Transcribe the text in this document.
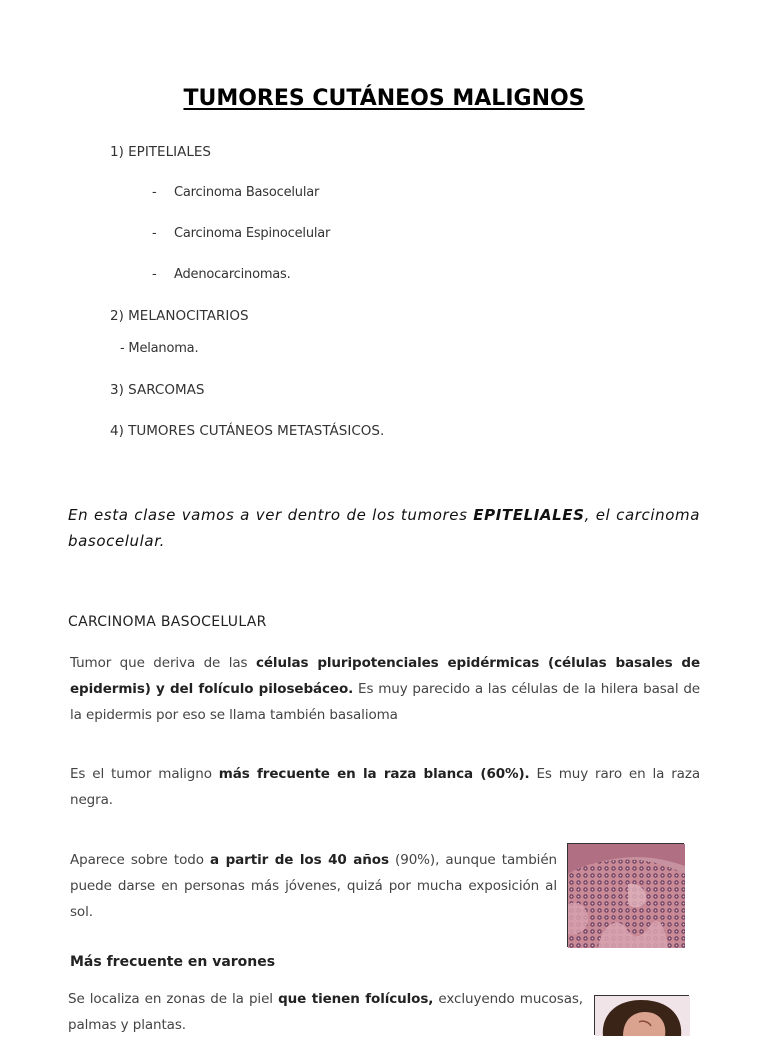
TUMORES CUTÁNEOS MALIGNOS
1) EPITELIALES
- Carcinoma Basocelular
- Carcinoma Espinocelular
- Adenocarcinomas.
2) MELANOCITARIOS
- Melanoma.
3) SARCOMAS
4) TUMORES CUTÁNEOS METASTÁSICOS.
En esta clase vamos a ver dentro de los tumores EPITELIALES, el carcinoma basocelular.
CARCINOMA BASOCELULAR
Tumor que deriva de las células pluripotenciales epidérmicas (células basales de epidermis) y del folículo pilosebáceo. Es muy parecido a las células de la hilera basal de la epidermis por eso se llama también basalioma
Es el tumor maligno más frecuente en la raza blanca (60%). Es muy raro en la raza negra.
Aparece sobre todo a partir de los 40 años (90%), aunque también puede darse en personas más jóvenes, quizá por mucha exposición al sol.
Más frecuente en varones
Se localiza en zonas de la piel que tienen folículos, excluyendo mucosas, palmas y plantas.
